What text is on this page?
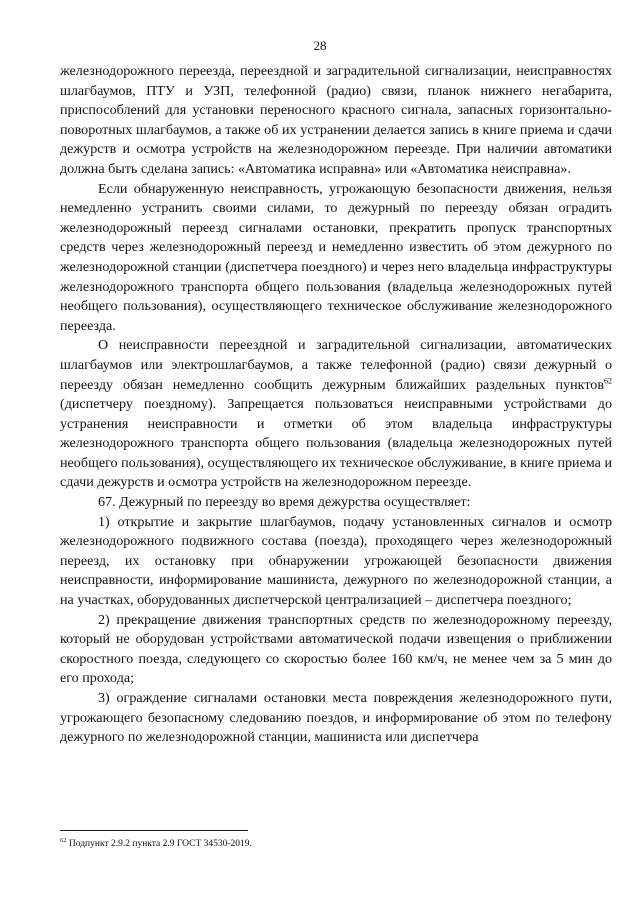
28

железнодорожного переезда, переездной и заградительной сигнализации, неисправностях шлагбаумов, ПТУ и УЗП, телефонной (радио) связи, планок нижнего негабарита, приспособлений для установки переносного красного сигнала, запасных горизонтально-поворотных шлагбаумов, а также об их устранении делается запись в книге приема и сдачи дежурств и осмотра устройств на железнодорожном переезде. При наличии автоматики должна быть сделана запись: «Автоматика исправна» или «Автоматика неисправна».

Если обнаруженную неисправность, угрожающую безопасности движения, нельзя немедленно устранить своими силами, то дежурный по переезду обязан оградить железнодорожный переезд сигналами остановки, прекратить пропуск транспортных средств через железнодорожный переезд и немедленно известить об этом дежурного по железнодорожной станции (диспетчера поездного) и через него владельца инфраструктуры железнодорожного транспорта общего пользования (владельца железнодорожных путей необщего пользования), осуществляющего техническое обслуживание железнодорожного переезда.

О неисправности переездной и заградительной сигнализации, автоматических шлагбаумов или электрошлагбаумов, а также телефонной (радио) связи дежурный о переезду обязан немедленно сообщить дежурным ближайших раздельных пунктов$^{62}$ (диспетчеру поездному). Запрещается пользоваться неисправными устройствами до устранения неисправности и отметки об этом владельца инфраструктуры железнодорожного транспорта общего пользования (владельца железнодорожных путей необщего пользования), осуществляющего их техническое обслуживание, в книге приема и сдачи дежурств и осмотра устройств на железнодорожном переезде.

67. Дежурный по переезду во время дежурства осуществляет:

1) открытие и закрытие шлагбаумов, подачу установленных сигналов и осмотр железнодорожного подвижного состава (поезда), проходящего через железнодорожный переезд, их остановку при обнаружении угрожающей безопасности движения неисправности, информирование машиниста, дежурного по железнодорожной станции, а на участках, оборудованных диспетчерской централизацией – диспетчера поездного;

2) прекращение движения транспортных средств по железнодорожному переезду, который не оборудован устройствами автоматической подачи извещения о приближении скоростного поезда, следующего со скоростью более 160 км/ч, не менее чем за 5 мин до его прохода;

3) ограждение сигналами остановки места повреждения железнодорожного пути, угрожающего безопасному следованию поездов, и информирование об этом по телефону дежурного по железнодорожной станции, машиниста или диспетчера

$^{62}$ Подпункт 2.9.2 пункта 2.9 ГОСТ 34530-2019.
